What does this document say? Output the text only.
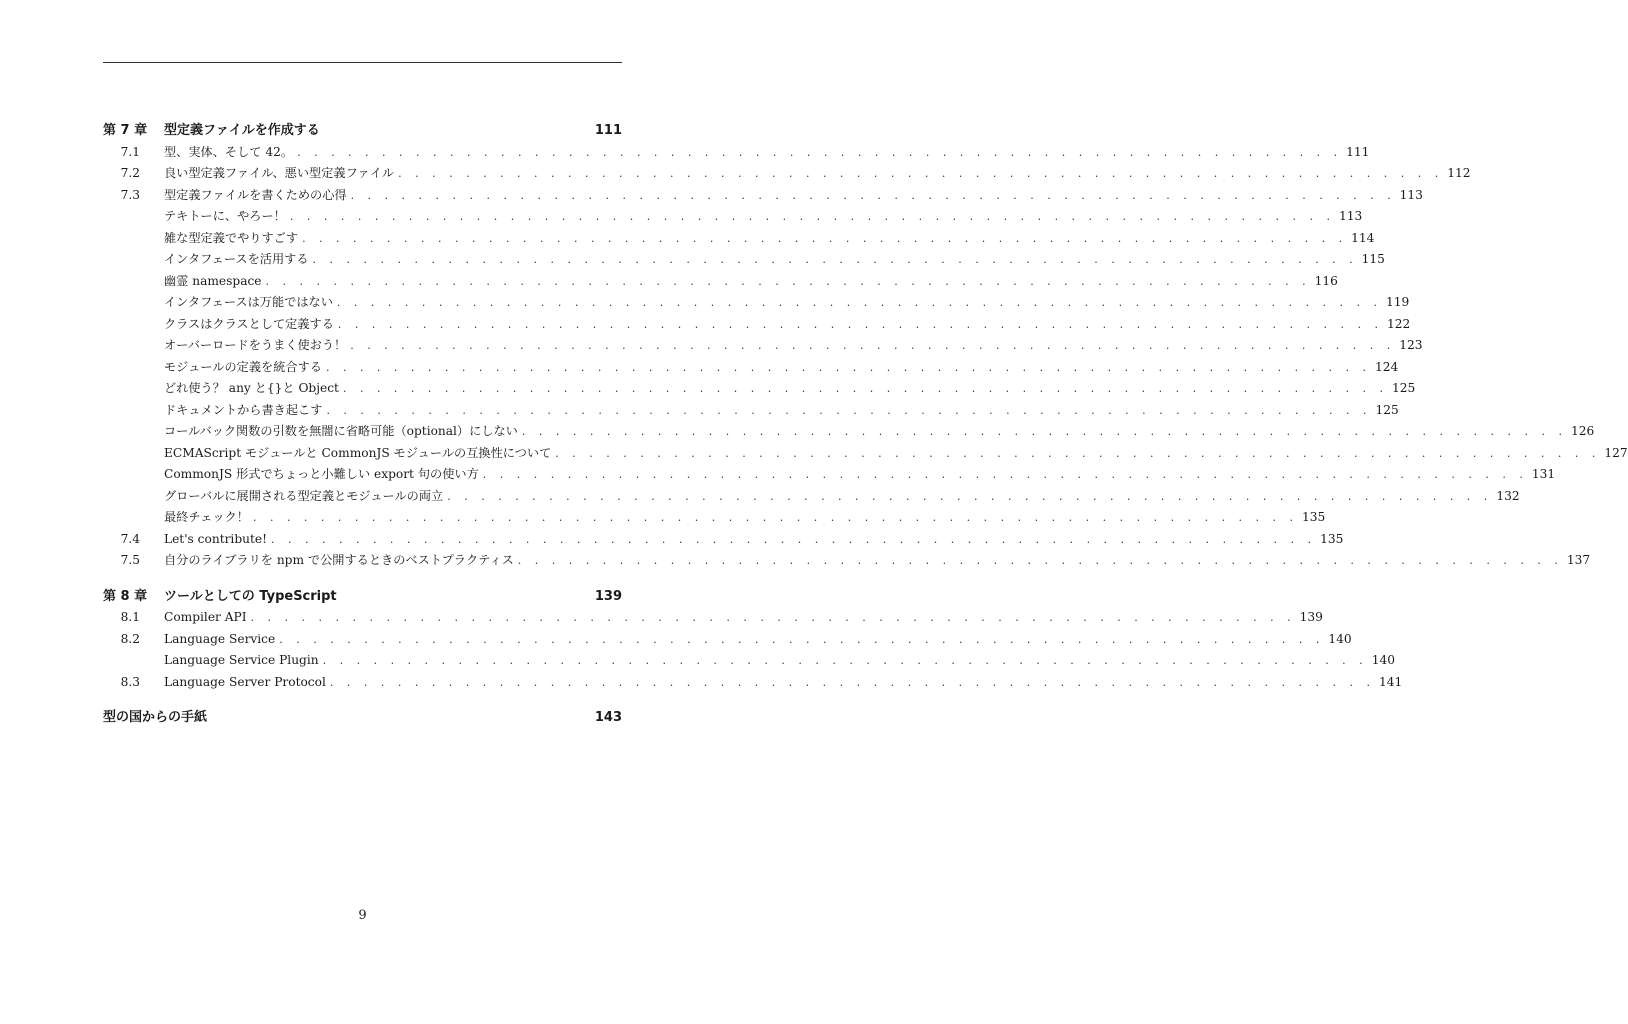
第 7 章	型定義ファイルを作成する	111
7.1	型、実体、そして 42。 . . .	111
7.2	良い型定義ファイル、悪い型定義ファイル . . .	112
7.3	型定義ファイルを書くための心得 . . .	113
テキトーに、やろー！ . . .	113
雑な型定義でやりすごす . . .	114
インタフェースを活用する . . .	115
幽霊 namespace . . .	116
インタフェースは万能ではない . . .	119
クラスはクラスとして定義する . . .	122
オーバーロードをうまく使おう！ . . .	123
モジュールの定義を統合する . . .	124
どれ使う？ any と{}と Object . . .	125
ドキュメントから書き起こす . . .	125
コールバック関数の引数を無闇に省略可能（optional）にしない . . .	126
ECMAScript モジュールと CommonJS モジュールの互換性について . . .	127
CommonJS 形式でちょっと小難しい export 句の使い方 . . .	131
グローバルに展開される型定義とモジュールの両立 . . .	132
最終チェック！ . . .	135
7.4	Let's contribute! . . .	135
7.5	自分のライブラリを npm で公開するときのベストプラクティス . . .	137
第 8 章	ツールとしての TypeScript	139
8.1	Compiler API . . .	139
8.2	Language Service . . .	140
Language Service Plugin . . .	140
8.3	Language Server Protocol . . .	141
型の国からの手紙	143
9
